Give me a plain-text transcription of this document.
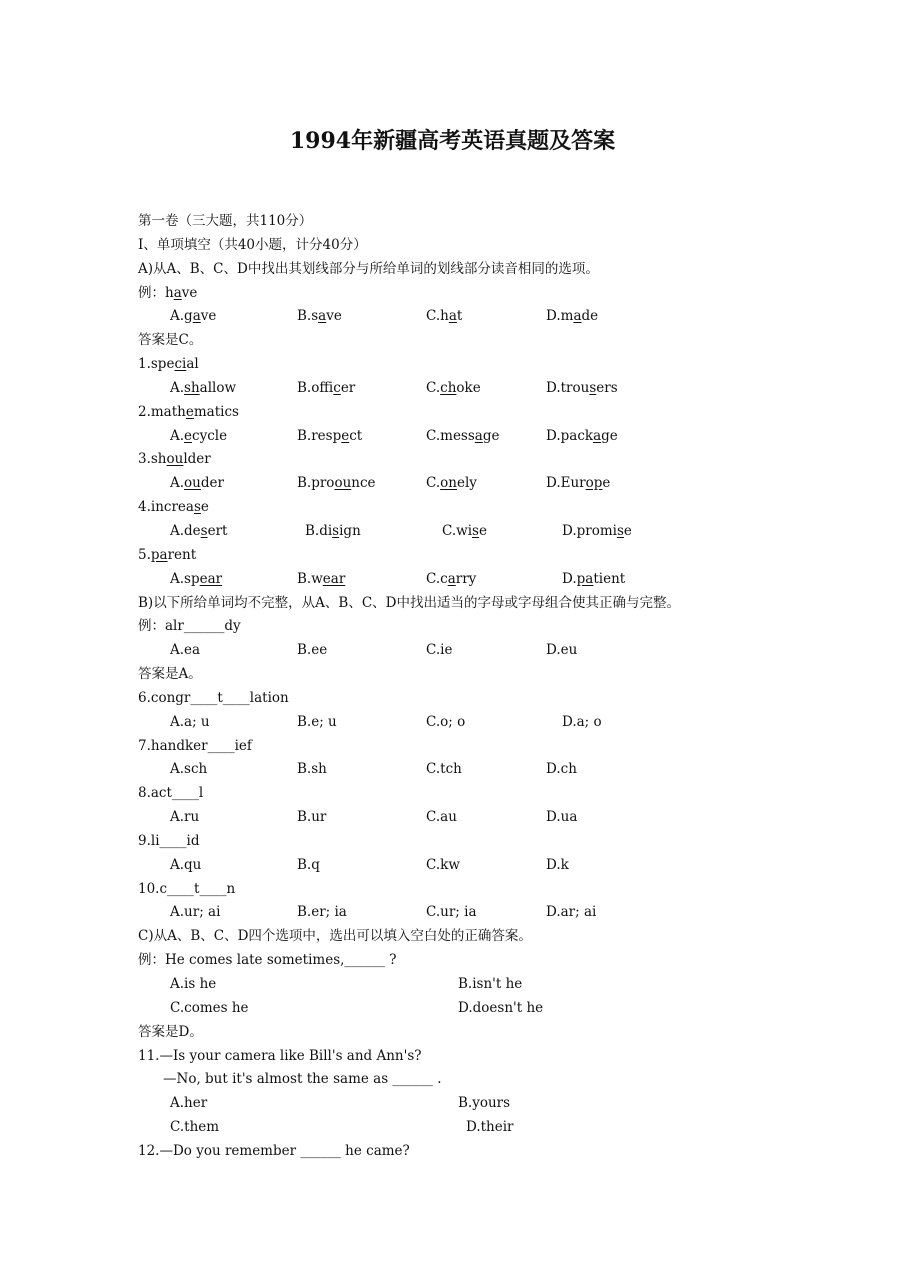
1994年新疆高考英语真题及答案
第一卷（三大题，共110分）
I、单项填空（共40小题，计分40分）
A)从A、B、C、D中找出其划线部分与所给单词的划线部分读音相同的选项。
例：have
A.gave	B.save	C.hat	D.made
答案是C。
1.special
A.shallow	B.officer	C.choke	D.trousers
2.mathematics
A.ecycle	B.respect	C.message	D.package
3.shoulder
A.ouder	B.proounce	C.onely	D.Europe
4.increase
A.desert	B.disign	C.wise	D.promise
5.parent
A.spear	B.wear	C.carry	D.patient
B)以下所给单词均不完整，从A、B、C、D中找出适当的字母或字母组合使其正确与完整。
例：alr______dy
A.ea	B.ee	C.ie	D.eu
答案是A。
6.congr____t____lation
A.a; u	B.e; u	C.o; o	D.a; o
7.handker____ief
A.sch	B.sh	C.tch	D.ch
8.act____l
A.ru	B.ur	C.au	D.ua
9.li____id
A.qu	B.q	C.kw	D.k
10.c____t____n
A.ur; ai	B.er; ia	C.ur; ia	D.ar; ai
C)从A、B、C、D四个选项中，选出可以填入空白处的正确答案。
例：He comes late sometimes,______ ?
A.is he	B.isn't he
C.comes he	D.doesn't he
答案是D。
11.—Is your camera like Bill's and Ann's?
—No, but it's almost the same as ______ .
A.her	B.yours
C.them	D.their
12.—Do you remember ______ he came?
